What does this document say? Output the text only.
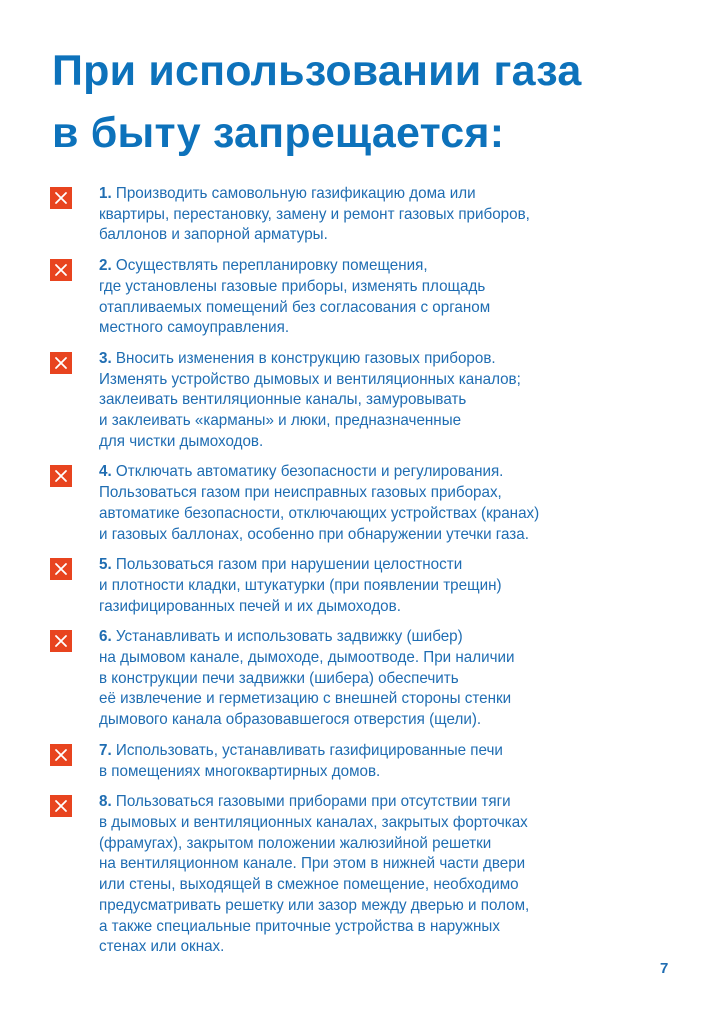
При использовании газа
в быту запрещается:
1. Производить самовольную газификацию дома или
квартиры, перестановку, замену и ремонт газовых приборов,
баллонов и запорной арматуры.
2. Осуществлять перепланировку помещения,
где установлены газовые приборы, изменять площадь
отапливаемых помещений без согласования с органом
местного самоуправления.
3. Вносить изменения в конструкцию газовых приборов.
Изменять устройство дымовых и вентиляционных каналов;
заклеивать вентиляционные каналы, замуровывать
и заклеивать «карманы» и люки, предназначенные
для чистки дымоходов.
4. Отключать автоматику безопасности и регулирования.
Пользоваться газом при неисправных газовых приборах,
автоматике безопасности, отключающих устройствах (кранах)
и газовых баллонах, особенно при обнаружении утечки газа.
5. Пользоваться газом при нарушении целостности
и плотности кладки, штукатурки (при появлении трещин)
газифицированных печей и их дымоходов.
6. Устанавливать и использовать задвижку (шибер)
на дымовом канале, дымоходе, дымоотводе. При наличии
в конструкции печи задвижки (шибера) обеспечить
её извлечение и герметизацию с внешней стороны стенки
дымового канала образовавшегося отверстия (щели).
7. Использовать, устанавливать газифицированные печи
в помещениях многоквартирных домов.
8. Пользоваться газовыми приборами при отсутствии тяги
в дымовых и вентиляционных каналах, закрытых форточках
(фрамугах), закрытом положении жалюзийной решетки
на вентиляционном канале. При этом в нижней части двери
или стены, выходящей в смежное помещение, необходимо
предусматривать решетку или зазор между дверью и полом,
а также специальные приточные устройства в наружных
стенах или окнах.
7
